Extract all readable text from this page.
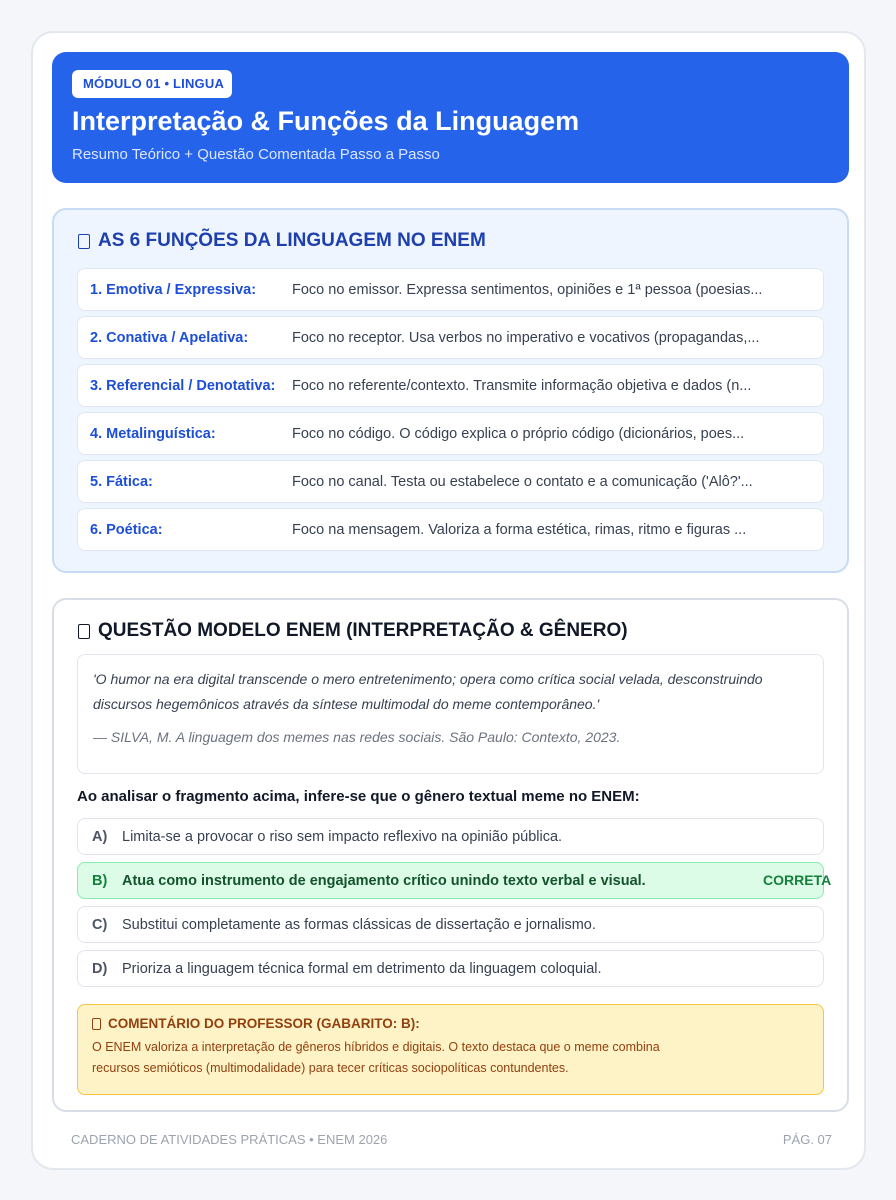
MÓDULO 01 • LINGUA
Interpretação & Funções da Linguagem
Resumo Teórico + Questão Comentada Passo a Passo
AS 6 FUNÇÕES DA LINGUAGEM NO ENEM
1. Emotiva / Expressiva:	Foco no emissor. Expressa sentimentos, opiniões e 1ª pessoa (poesias...
2. Conativa / Apelativa:	Foco no receptor. Usa verbos no imperativo e vocativos (propagandas,...
3. Referencial / Denotativa:	Foco no referente/contexto. Transmite informação objetiva e dados (n...
4. Metalinguística:	Foco no código. O código explica o próprio código (dicionários, poes...
5. Fática:	Foco no canal. Testa ou estabelece o contato e a comunicação ('Alô?'...
6. Poética:	Foco na mensagem. Valoriza a forma estética, rimas, ritmo e figuras ...
QUESTÃO MODELO ENEM (INTERPRETAÇÃO & GÊNERO)
'O humor na era digital transcende o mero entretenimento; opera como crítica social velada, desconstruindo discursos hegemônicos através da síntese multimodal do meme contemporâneo.'
— SILVA, M. A linguagem dos memes nas redes sociais. São Paulo: Contexto, 2023.
Ao analisar o fragmento acima, infere-se que o gênero textual meme no ENEM:
A)	Limita-se a provocar o riso sem impacto reflexivo na opinião pública.
B)	Atua como instrumento de engajamento crítico unindo texto verbal e visual.	CORRETA
C)	Substitui completamente as formas clássicas de dissertação e jornalismo.
D)	Prioriza a linguagem técnica formal em detrimento da linguagem coloquial.
COMENTÁRIO DO PROFESSOR (GABARITO: B):
O ENEM valoriza a interpretação de gêneros híbridos e digitais. O texto destaca que o meme combina recursos semióticos (multimodalidade) para tecer críticas sociopolíticas contundentes.
CADERNO DE ATIVIDADES PRÁTICAS • ENEM 2026	PÁG. 07
